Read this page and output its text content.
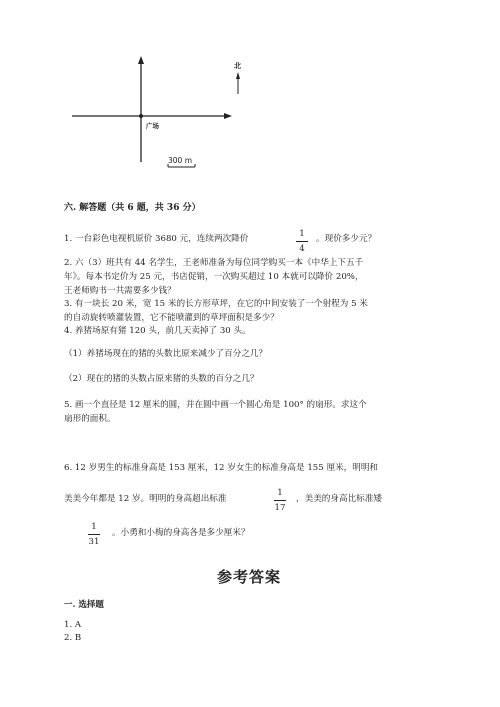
北
广场
300 m
六. 解答题（共 6 题，共 36 分）
1. 一台彩色电视机原价 3680 元，连续两次降价	1
4
。现价多少元？
2. 六（3）班共有 44 名学生，王老师准备为每位同学购买一本《中华上下五千
年》。每本书定价为 25 元，书店促销，一次购买超过 10 本就可以降价 20%，
王老师购书一共需要多少钱？
3. 有一块长 20 米，宽 15 米的长方形草坪，在它的中间安装了一个射程为 5 米
的自动旋转喷灌装置，它不能喷灌到的草坪面积是多少？
4. 养猪场原有猪 120 头，前几天卖掉了 30 头。
（1）养猪场现在的猪的头数比原来减少了百分之几？
（2）现在的猪的头数占原来猪的头数的百分之几？
5. 画一个直径是 12 厘米的圆，并在圆中画一个圆心角是 100° 的扇形。求这个
扇形的面积。
6. 12 岁男生的标准身高是 153 厘米，12 岁女生的标准身高是 155 厘米，明明和
美美今年都是 12 岁。明明的身高超出标准
1
17
，美美的身高比标准矮
1
31
。小勇和小梅的身高各是多少厘米？
参考答案
一. 选择题
1. A
2. B
